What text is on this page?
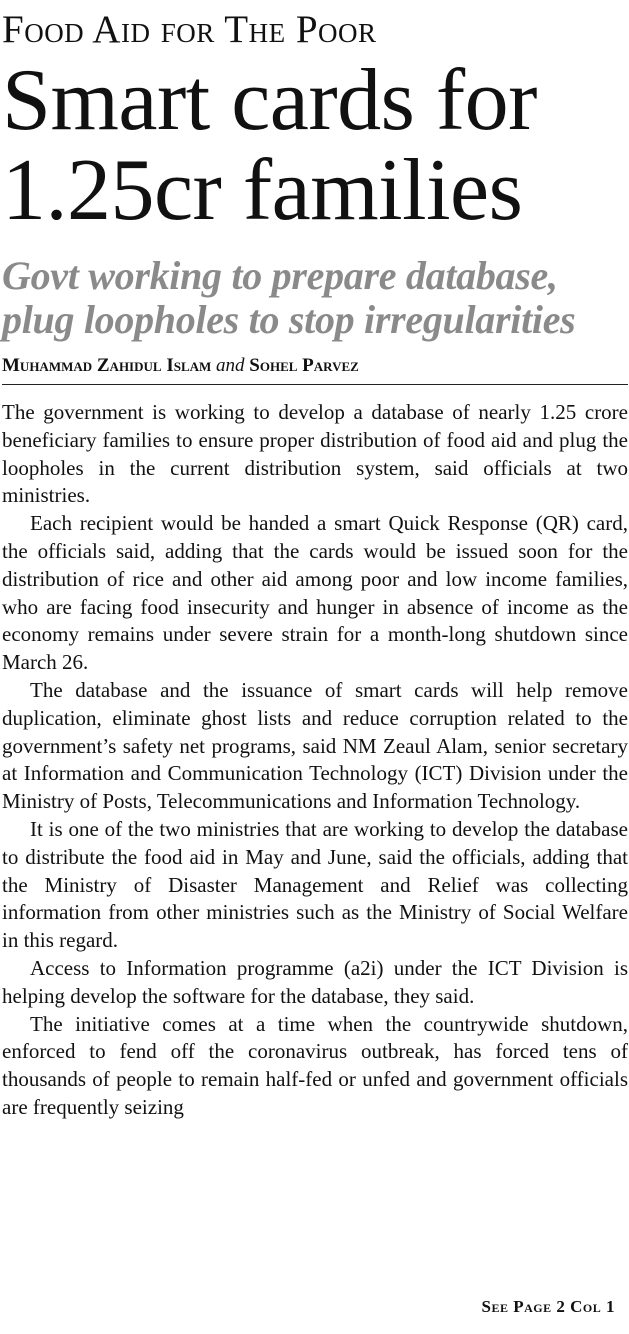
Food Aid for The Poor
Smart cards for
1.25cr families
Govt working to prepare database,
plug loopholes to stop irregularities
Muhammad Zahidul Islam and Sohel Parvez

The government is working to develop a database of nearly 1.25 crore beneficiary families to ensure proper distribution of food aid and plug the loopholes in the current distribution system, said officials at two ministries.

Each recipient would be handed a smart Quick Response (QR) card, the officials said, adding that the cards would be issued soon for the distribution of rice and other aid among poor and low income families, who are facing food insecurity and hunger in absence of income as the economy remains under severe strain for a month-long shutdown since March 26.

The database and the issuance of smart cards will help remove duplication, eliminate ghost lists and reduce corruption related to the government’s safety net programs, said NM Zeaul Alam, senior secretary at Information and Communication Technology (ICT) Division under the Ministry of Posts, Telecommunications and Information Technology.

It is one of the two ministries that are working to develop the database to distribute the food aid in May and June, said the officials, adding that the Ministry of Disaster Management and Relief was collecting information from other ministries such as the Ministry of Social Welfare in this regard.

Access to Information programme (a2i) under the ICT Division is helping develop the software for the database, they said.

The initiative comes at a time when the countrywide shutdown, enforced to fend off the coronavirus outbreak, has forced tens of thousands of people to remain half-fed or unfed and government officials are frequently seizing

See Page 2 Col 1
